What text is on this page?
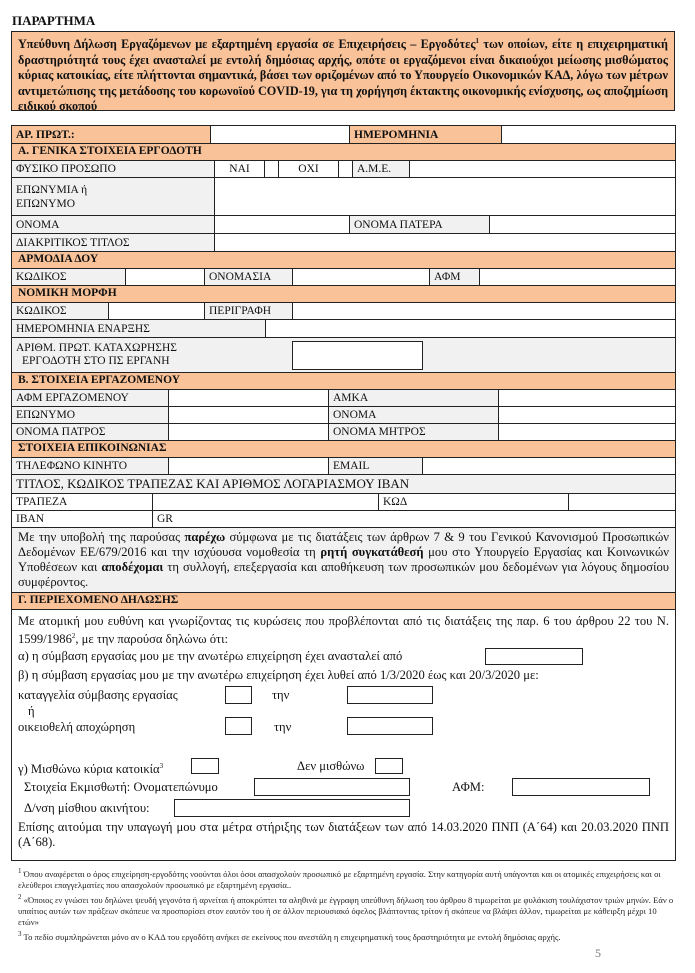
ΠΑΡΑΡΤΗΜΑ
Υπεύθυνη Δήλωση Εργαζόμενων με εξαρτημένη εργασία σε Επιχειρήσεις – Εργοδότες$^1$ των οποίων, είτε η επιχειρηματική δραστηριότητά τους έχει ανασταλεί με εντολή δημόσιας αρχής, οπότε οι εργαζόμενοι είναι δικαιούχοι μείωσης μισθώματος κύριας κατοικίας, είτε πλήττονται σημαντικά, βάσει των οριζομένων από το Υπουργείο Οικονομικών ΚΑΔ, λόγω των μέτρων αντιμετώπισης της μετάδοσης του κορωνοϊού COVID-19, για τη χορήγηση έκτακτης οικονομικής ενίσχυσης, ως αποζημίωση ειδικού σκοπού
ΑΡ. ΠΡΩΤ.:	ΗΜΕΡΟΜΗΝΙΑ
Α. ΓΕΝΙΚΑ ΣΤΟΙΧΕΙΑ ΕΡΓΟΔΟΤΗ
ΦΥΣΙΚΟ ΠΡΟΣΩΠΟ	ΝΑΙ	ΟΧΙ	Α.Μ.Ε.
ΕΠΩΝΥΜΙΑ ή
ΕΠΩΝΥΜΟ
ΟΝΟΜΑ	ΟΝΟΜΑ ΠΑΤΕΡΑ
ΔΙΑΚΡΙΤΙΚΟΣ ΤΙΤΛΟΣ
ΑΡΜΟΔΙΑ ΔΟΥ
ΚΩΔΙΚΟΣ	ΟΝΟΜΑΣΙΑ	ΑΦΜ
ΝΟΜΙΚΗ ΜΟΡΦΗ
ΚΩΔΙΚΟΣ	ΠΕΡΙΓΡΑΦΗ
ΗΜΕΡΟΜΗΝΙΑ ΕΝΑΡΞΗΣ
ΑΡΙΘΜ. ΠΡΩΤ. ΚΑΤΑΧΩΡΗΣΗΣ
ΕΡΓΟΔΟΤΗ ΣΤΟ ΠΣ ΕΡΓΑΝΗ
Β. ΣΤΟΙΧΕΙΑ ΕΡΓΑΖΟΜΕΝΟΥ
ΑΦΜ ΕΡΓΑΖΟΜΕΝΟΥ	ΑΜΚΑ
ΕΠΩΝΥΜΟ	ΟΝΟΜΑ
ΟΝΟΜΑ ΠΑΤΡΟΣ	ΟΝΟΜΑ ΜΗΤΡΟΣ
ΣΤΟΙΧΕΙΑ ΕΠΙΚΟΙΝΩΝΙΑΣ
ΤΗΛΕΦΩΝΟ ΚΙΝΗΤΟ	EMAIL
ΤΙΤΛΟΣ, ΚΩΔΙΚΟΣ ΤΡΑΠΕΖΑΣ ΚΑΙ ΑΡΙΘΜΟΣ ΛΟΓΑΡΙΑΣΜΟΥ IBAN
ΤΡΑΠΕΖΑ	ΚΩΔ
IBAN	GR
Με την υποβολή της παρούσας παρέχω σύμφωνα με τις διατάξεις των άρθρων 7 & 9 του Γενικού Κανονισμού Προσωπικών Δεδομένων ΕΕ/679/2016 και την ισχύουσα νομοθεσία τη ρητή συγκατάθεσή μου στο Υπουργείο Εργασίας και Κοινωνικών Υποθέσεων και αποδέχομαι τη συλλογή, επεξεργασία και αποθήκευση των προσωπικών μου δεδομένων για λόγους δημοσίου συμφέροντος.
Γ. ΠΕΡΙΕΧΟΜΕΝΟ ΔΗΛΩΣΗΣ
Με ατομική μου ευθύνη και γνωρίζοντας τις κυρώσεις που προβλέπονται από τις διατάξεις της παρ. 6 του άρθρου 22 του Ν. 1599/1986$^2$, με την παρούσα δηλώνω ότι:
α) η σύμβαση εργασίας μου με την ανωτέρω επιχείρηση έχει ανασταλεί από
β) η σύμβαση εργασίας μου με την ανωτέρω επιχείρηση έχει λυθεί από 1/3/2020 έως και 20/3/2020 με:
καταγγελία σύμβασης εργασίας	την
ή
οικειοθελή αποχώρηση	την
γ) Μισθώνω κύρια κατοικία$^3$	Δεν μισθώνω
Στοιχεία Εκμισθωτή: Ονοματεπώνυμο	ΑΦΜ:
Δ/νση μίσθιου ακινήτου:
Επίσης αιτούμαι την υπαγωγή μου στα μέτρα στήριξης των διατάξεων των από 14.03.2020 ΠΝΠ (Α΄64) και 20.03.2020 ΠΝΠ (Α΄68).

$^1$ Όπου αναφέρεται ο όρος επιχείρηση-εργοδότης νοούνται όλοι όσοι απασχολούν προσωπικό με εξαρτημένη εργασία. Στην κατηγορία αυτή υπάγονται και οι ατομικές επιχειρήσεις και οι ελεύθεροι επαγγελματίες που απασχολούν προσωπικό με εξαρτημένη εργασία..

$^2$ «Όποιος εν γνώσει του δηλώνει ψευδή γεγονότα ή αρνείται ή αποκρύπτει τα αληθινά με έγγραφη υπεύθυνη δήλωση του άρθρου 8 τιμωρείται με φυλάκιση τουλάχιστον τριών μηνών. Εάν ο υπαίτιος αυτών των πράξεων σκόπευε να προσπορίσει στον εαυτόν του ή σε άλλον περιουσιακό όφελος βλάπτοντας τρίτον ή σκόπευε να βλάψει άλλον, τιμωρείται με κάθειρξη μέχρι 10 ετών»

$^3$ Το πεδίο συμπληρώνεται μόνο αν ο ΚΑΔ του εργοδότη ανήκει σε εκείνους που ανεστάλη η επιχειρηματική τους δραστηριότητα με εντολή δημόσιας αρχής.

5
